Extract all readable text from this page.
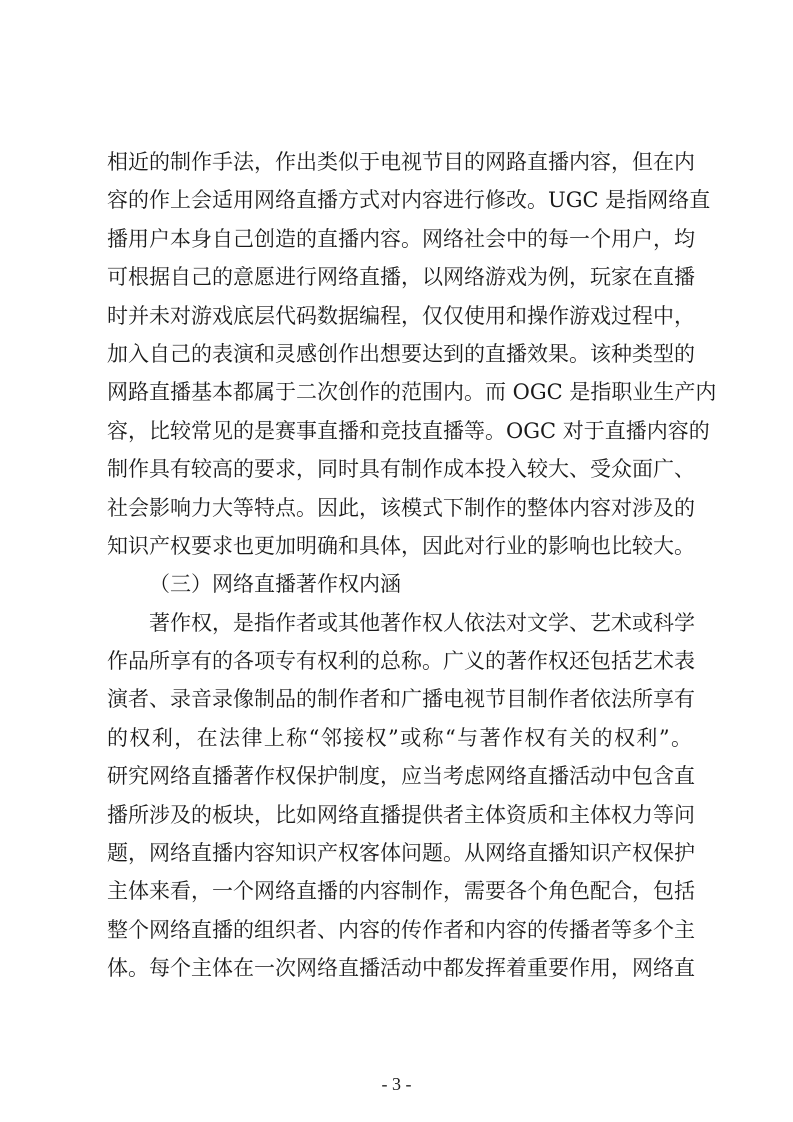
相近的制作手法，作出类似于电视节目的网路直播内容，但在内
容的作上会适用网络直播方式对内容进行修改。UGC 是指网络直
播用户本身自己创造的直播内容。网络社会中的每一个用户，均
可根据自己的意愿进行网络直播，以网络游戏为例，玩家在直播
时并未对游戏底层代码数据编程，仅仅使用和操作游戏过程中，
加入自己的表演和灵感创作出想要达到的直播效果。该种类型的
网路直播基本都属于二次创作的范围内。而 OGC 是指职业生产内
容，比较常见的是赛事直播和竞技直播等。OGC 对于直播内容的
制作具有较高的要求，同时具有制作成本投入较大、受众面广、
社会影响力大等特点。因此，该模式下制作的整体内容对涉及的
知识产权要求也更加明确和具体，因此对行业的影响也比较大。
（三）网络直播著作权内涵
著作权，是指作者或其他著作权人依法对文学、艺术或科学
作品所享有的各项专有权利的总称。广义的著作权还包括艺术表
演者、录音录像制品的制作者和广播电视节目制作者依法所享有
的权利，在法律上称“邻接权”或称“与著作权有关的权利”。
研究网络直播著作权保护制度，应当考虑网络直播活动中包含直
播所涉及的板块，比如网络直播提供者主体资质和主体权力等问
题，网络直播内容知识产权客体问题。从网络直播知识产权保护
主体来看，一个网络直播的内容制作，需要各个角色配合，包括
整个网络直播的组织者、内容的传作者和内容的传播者等多个主
体。每个主体在一次网络直播活动中都发挥着重要作用，网络直
- 3 -
